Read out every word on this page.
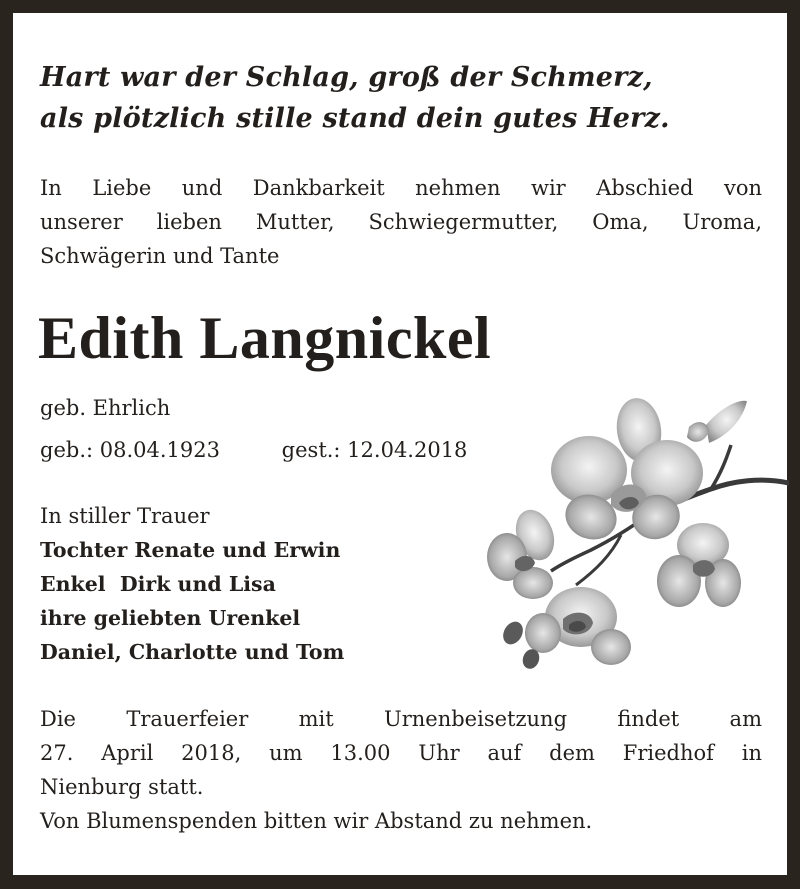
Hart war der Schlag, groß der Schmerz,
als plötzlich stille stand dein gutes Herz.
In Liebe und Dankbarkeit nehmen wir Abschied von
unserer lieben Mutter, Schwiegermutter, Oma, Uroma,
Schwägerin und Tante
Edith Langnickel
geb. Ehrlich
geb.: 08.04.1923	gest.: 12.04.2018
In stiller Trauer
Tochter Renate und Erwin
Enkel  Dirk und Lisa
ihre geliebten Urenkel
Daniel, Charlotte und Tom
Die Trauerfeier mit Urnenbeisetzung findet am
27. April 2018, um 13.00 Uhr auf dem Friedhof in
Nienburg statt.
Von Blumenspenden bitten wir Abstand zu nehmen.
